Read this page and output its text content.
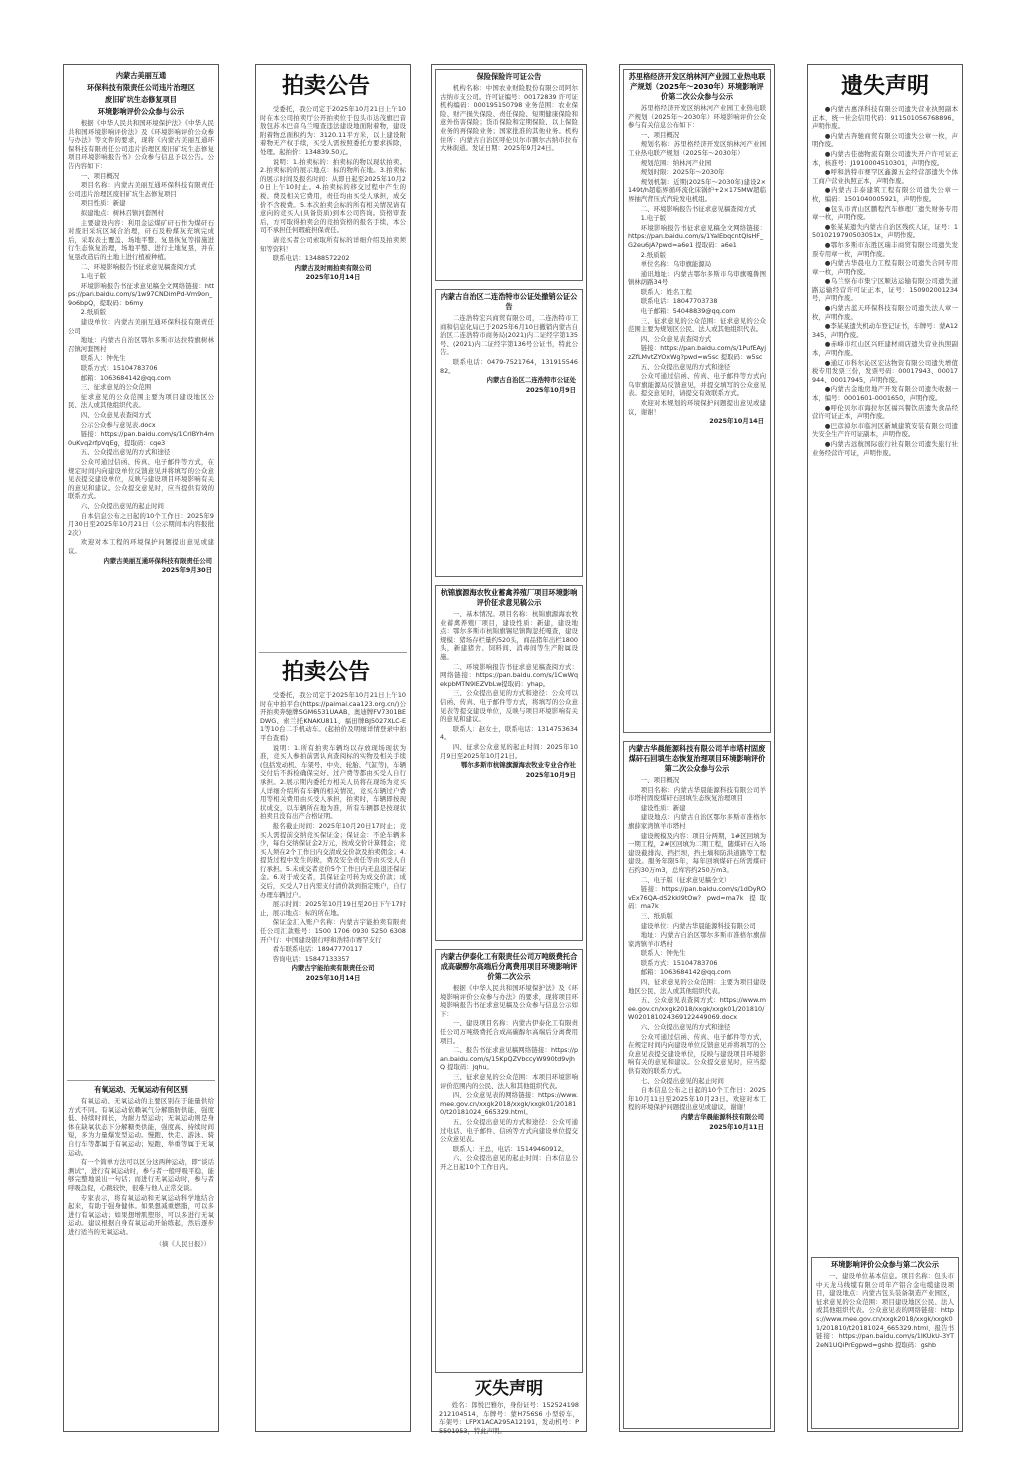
内蒙古美丽互通
环保科技有限责任公司违片治理区
废旧矿坑生态修复项目
环境影响评价公众参与公示
根据《中华人民共和国环境保护法》《中华人民共和国环境影响评价法》及《环境影响评价公众参与办法》等文件的要求，现将《内蒙古美丽互通环保科技有限责任公司违片治理区废旧矿坑生态修复项目环境影响报告书》公众参与信息予以公告。公告内容如下：
一、项目概况
项目名称：内蒙古美丽互通环保科技有限责任公司违片治理区废旧矿坑生态修复项目
项目性质：新建
拟建地点：树林召镇河套图村
主要建设内容：利用金运煤矿矸石作为煤矸石对废旧采坑区域合治理，矸石及粉煤灰充填完成后，采取表土覆盖、场地平整、复垦恢复等措施进行生态恢复治理，场地平整、进行土地复垦，并在复垦改造后的土地上进行植被种植。
二、环境影响报告书征求意见稿查阅方式
1.电子版
环境影响报告书征求意见稿全文网络链接：https://pan.baidu.com/s/1w97CNDimPd-Vm9on_9o6bpQ，提取码：b6my
2.纸质版
建设单位：内蒙古美丽互通环保科技有限责任公司
地址：内蒙古自治区鄂尔多斯市达拉特旗树林召镇河套图村
联系人：钟先生
联系方式：15104783706
邮箱：1063684142@qq.com
三、征求意见的公众范围
征求意见的公众范围主要为项目建设地区公民、法人或其他组织代表。
四、公众意见表查阅方式
公示公众参与意见表.docx
链接：https://pan.baidu.com/s/1CrIBYh4m0uKvq2rfpVqEg，提取码：cqe3
五、公众提出意见的方式和途径
公众可通过信函、传真、电子邮件等方式，在规定时间内向建设单位反馈意见并将填写的公众意见表提交建设单位，反映与建设项目环境影响有关的意见和建议。公众提交意见时，应当提供有效的联系方式。
六、公众提出意见的起止时间
自本信息公布之日起的10个工作日：2025年9月30日至2025年10月21日（公示期间本内容报批2次）
欢迎对本工程的环境保护问题提出意见或建议。
内蒙古美丽互通环保科技有限责任公司
2025年9月30日
有氧运动、无氧运动有何区别
有氧运动、无氧运动的主要区别在于能量供给方式不同。有氧运动依赖氧气分解脂肪供能，强度低、持续时间长，为耐力型运动；无氧运动则是身体在缺氧状态下分解糖类供能，强度高、持续时间短，多为力量爆发型运动。慢跑、快走、游泳、骑自行车等都属于有氧运动；短跑、举重等属于无氧运动。
有一个简单方法可以区分这两种运动，即“谈话测试”，进行有氧运动时，参与者一般呼吸平稳，能够完整地说出一句话；而进行无氧运动时，参与者呼吸急促，心跳较快，很难与他人正常交谈。
专家表示，将有氧运动和无氧运动科学地结合起来，有助于强身健体。如果想减重燃脂，可以多进行有氧运动；如果想增肌塑形，可以多进行无氧运动。建议根据自身有氧运动开始练起，然后逐步进行适当的无氧运动。
（摘《人民日报》）
拍卖公告
受委托，我公司定于2025年10月21日上午10时在本公司拍卖厅公开拍卖位于包头市达茂旗巴音敖包苏木巴音乌兰嘎查违法建设地面附着物，建设附着物总面积约为：3120.11平方米，以上建设附着物无产权手续，买受人需按照委托方要求拆除，处理。起拍价：134839.50元。
说明：1.拍卖标的：拍卖标的物以现状拍卖。2.拍卖标的的展示地点：标的物所在地。3.拍卖标的展示时间及报名时间：从即日起至2025年10月20日上午10时止。4.拍卖标的移交过程中产生的税、费及相关它费用，责任均由买受人承担，成交价不含税费。5.本次拍卖会标的所有相关情况请有意向的竞买人(具备资质)到本公司咨询。资格审查后，方可取得拍卖会的竞拍资格的报名手续，本公司不承担任何瑕疵担保责任。
请竞买者公司索取所有标的详细介绍及拍卖须知等资料！
联系电话：13488572202
内蒙古及时雨拍卖有限公司
2025年10月14日
拍卖公告
受委托，我公司定于2025年10月21日上午10时在中拍平台(https://paimai.caa123.org.cn/)公开拍卖奔驰牌SGM6531UAAB、奥迪牌FV7301BEDWG、索兰托KNAKU811、福田牌BJ5027XLC-E1等10台二手机动车。(起拍价及明细详情登录中拍平台查看)
说明：1.所有拍卖车辆均以存放现场现状为准，竞买人参拍前需认真查阅标的实物及相关手续(包括发动机、车架号、中央、轮胎、气缸等)，车辆交付后不拆检确保完好、过户费等都由买受人自行承担。2.展示期内委托方相关人员将在现场为竞买人详细介绍所有车辆的相关情况，竞买车辆过户费用等相关费用由买受人承担，拍卖时，车辆即按现状成交，以车辆所在地为准，所有车辆都是按现状拍卖且没有出产合格证明。
报名截止时间：2025年10月20日17时止；竞买人需提前交纳竞买保证金；保证金：不论车辆多少，每台交纳保证金2万元，按成交价计算佣金；竞买人须在2个工作日内交清成交价款及拍卖佣金；4.提货过程中发生的税，费及安全责任等由买受人自行承担。5.未成交者竞价5个工作日内无息退还保证金。6.对于成交者，其保证金可转为成交价款；成交后，买受人7日内需支付清价款到指定账户，自行办理车辆过户。
展示时间：2025年10月19日至20日下午17时止，展示地点：标的所在地。
保证金汇入账户名称：内蒙古宇能拍卖有限责任公司汇款账号：1500 1706 0930 5250 6308 开户行：中国建设银行呼和浩特市赛罕支行
看车联系电话：18947770117
咨询电话：15847133357
内蒙古宇能拍卖有限责任公司
2025年10月14日
保险保险许可证公告
机构名称：中国农业财险股份有限公司阿尔古纳市支公司。许可证编号：00172839 许可证机构编码：000195150798 业务范围：农业保险、财产损失保险、责任保险、短期健康保险和意外伤害保险；货币保险和定期保险、以上保险业务的再保险业务；国家批准的其他业务。机构住所：内蒙古自治区呼伦贝尔市额尔古纳市拉布大林街道。发证日期：2025年9月24日。
内蒙古自治区二连浩特市公证处撤销公证公告
二连浩特宏兴商贸有限公司，二连浩特市工商和信息化局已于2025年6月10日撤销内蒙古自治区二连浩特市商务局(2021)内二证经字第135号、(2021)内二证经字第136号公证书，特此公告。
联系电话：0479-7521764，13191554682。
内蒙古自治区二连浩特市公证处
2025年10月9日
杭锦旗源海农牧业蓄禽养殖厂项目环境影响评价征求意见稿公示
一、基本情况。项目名称：杭锦旗源海农牧业蓄禽养殖厂项目，建设性质：新建，建设地点：鄂尔多斯市杭锦旗锡尼镇陶忽托嘎查，建设规模：猪场存栏量约520头，商品猪年出栏1800头，新建猪舍、饲料间、消毒间等生产附属设施。
二、环境影响报告书征求意见稿查阅方式：网络链接：https://pan.baidu.com/s/1CwWqekpbMTN9lEZVbLw提取码：yhap。
三、公众提出意见的方式和途径：公众可以信函、传真、电子邮件等方式，将填写的公众意见表等提交建设单位，反映与项目环境影响有关的意见和建议。
联系人：赵女士，联系电话：13147536344。
四、征求公众意见的起止时间：2025年10月9日至2025年10月21日。
鄂尔多斯市杭锦旗源海农牧业专业合作社
2025年10月9日
内蒙古伊泰化工有限责任公司万吨级费托合成高碳醇尔高端后分离费用项目环境影响评价第二次公示
根据《中华人民共和国环境保护法》及《环境影响评价公众参与办法》的要求，现将项目环境影响报告书征求意见稿及公众参与信息公示如下：
一、建设项目名称：内蒙古伊泰化工有限责任公司万吨级费托合成高碳醇尔高端后分离费用项目。
二、报告书征求意见稿网络链接：https://pan.baidu.com/s/15KpQZVbccyW990td9vjhQ 提取码：jqhu。
三、征求意见的公众范围：本项目环境影响评价范围内的公民、法人和其他组织代表。
四、公众意见表的网络链接：https://www.mee.gov.cn/xxgk2018/xxgk/xxgk01/201810/t20181024_665329.html。
五、公众提出意见的方式和途径：公众可通过电话、电子邮件、信函等方式向建设单位提交公众意见表。
联系人：王总，电话：15149460912。
六、公众提出意见的起止时间：自本信息公开之日起10个工作日内。
灭失声明
姓名：郎悦巴雅尔，身份证号：152524198212104514，车牌号：蒙H756S6 小型轿车，车架号：LFPX1ACA295A12191，发动机号：P5501953，特此声明。
苏里格经济开发区纳林河产业园工业热电联产规划（2025年～2030年）环境影响评价第二次公众参与公示
苏里格经济开发区纳林河产业园工业热电联产规划（2025年～2030年）环境影响评价公众参与有关信息公布如下：
一、项目概况
规划名称：苏里格经济开发区纳林河产业园工业热电联产规划（2025年～2030年）
规划范围：纳林河产业园
规划时限：2025年～2030年
规划机制：近期(2025年～2030年)建设2×149t/h超临界循环流化床锅炉+2×175MW超临界抽汽背压式汽轮发电机组。
二、环境影响报告书征求意见稿查阅方式
1.电子版
环境影响报告书征求意见稿全文网络链接：https://pan.baidu.com/s/1YaIEbqcntQIsHF_G2eu6jA?pwd=a6e1 提取码：a6e1
2.纸质版
单位名称：乌审旗能源局
通讯地址：内蒙古鄂尔多斯市乌审旗嘎鲁图镇林荫路34号
联系人：姓名工程
联系电话：18047703738
电子邮箱：54048839@qq.com
三、征求意见的公众范围：征求意见的公众范围主要为规划区公民、法人或其他组织代表。
四、公众意见表查阅方式
链接：https://pan.baidu.com/s/1PufEAyjzZfLMvtZYOxWg?pwd=w5sc 提取码：w5sc
五、公众提出意见的方式和途径
公众可通过信函、传真、电子邮件等方式向乌审旗能源局反馈意见，并提交填写的公众意见表。提交意见时，请提交有效联系方式。
欢迎对本规划的环境保护问题提出意见或建议，谢谢！
2025年10月14日
内蒙古华晨能源科技有限公司羊市塔村固废煤矸石回填生态恢复治理项目环境影响评价第二次公众参与公示
一、项目概况
项目名称：内蒙古华晨能源科技有限公司羊市塔村固废煤矸石回填生态恢复治理项目
建设性质：新建
建设地点：内蒙古自治区鄂尔多斯市准格尔旗薛家湾镇羊市塔村
建设规模及内容：项目分两期，1#区回填为一期工程，2#区回填为二期工程，随煤矸石入场建设截排沟、挡拦坝，挡土墙和防洪道路等工程建设。服务年限5年，每年回填煤矸石所需煤矸石约30万m3，总库容约250万m3。
二、电子版（征求意见稿全文）
链接：https://pan.baidu.com/s/1dDyRO vEx76QA-dS2kkI9tOw? pwd=ma7k 提取码：ma7k
三、纸质版
建设单位：内蒙古华晨能源科技有限公司
地址：内蒙古自治区鄂尔多斯市准格尔旗薛家湾镇羊市塔村
联系人：钟先生
联系方式：15104783706
邮箱：1063684142@qq.com
四、征求意见的公众范围：主要为项目建设地区公民、法人或其他组织代表。
五、公众意见表查阅方式：https://www.mee.gov.cn/xxgk2018/xxgk/xxgk01/201810/W020181024369122449069.docx
六、公众提出意见的方式和途径
公众可通过信函、传真、电子邮件等方式，在规定时间内向建设单位反馈意见并将填写的公众意见表提交建设单位，反映与建设项目环境影响有关的意见和建议。公众提交意见时，应当提供有效的联系方式。
七、公众提出意见的起止时间
自本信息公布之日起的10个工作日：2025年10月11日至2025年10月23日。欢迎对本工程的环境保护问题提出意见或建议，谢谢！
内蒙古华晨能源科技有限公司
2025年10月11日
遗失声明
●内蒙古惠泽科技有限公司遗失营业执照副本正本，统一社会信用代码：911501056768896。声明作废。
●内蒙古奔驰商贸有限公司遗失公章一枚，声明作废。
●内蒙古佳德物流有限公司遗失开户许可证正本，核准号：J1910004510301，声明作废。
●呼和浩特市赛罕区鑫源五金经营部遗失个体工商户营业执照正本，声明作废。
●内蒙古丰泰建筑工程有限公司遗失公章一枚，编码：1501040005921，声明作废。
●包头市青山区鹏程汽车修理厂遗失财务专用章一枚，声明作废。
●张某某遗失内蒙古自治区残疾人证，证号：15010219790503051x，声明作废。
●鄂尔多斯市东胜区瑞丰商贸有限公司遗失发票专用章一枚，声明作废。
●内蒙古华晨电力工程有限公司遗失合同专用章一枚，声明作废。
●乌兰察布市集宁区顺达运输有限公司遗失道路运输经营许可证正本，证号：150902001234号，声明作废。
●内蒙古蓝天环保科技有限公司遗失法人章一枚，声明作废。
●李某某遗失机动车登记证书，车牌号：蒙A12345，声明作废。
●赤峰市红山区兴旺建材商店遗失营业执照副本，声明作废。
●通辽市科尔沁区宏达物资有限公司遗失增值税专用发票三份，发票号码：00017943、00017944、00017945，声明作废。
●内蒙古金地房地产开发有限公司遗失收据一本，编号：0001601-0001650，声明作废。
●呼伦贝尔市海拉尔区福兴餐饮店遗失食品经营许可证正本，声明作废。
●巴彦淖尔市临河区新城建筑安装有限公司遗失安全生产许可证副本，声明作废。
●内蒙古远航国际旅行社有限公司遗失旅行社业务经营许可证，声明作废。
环境影响评价公众参与第二次公示
一、建设单位基本信息。项目名称：包头市中天龙马线缆有限公司年产铝合金电缆建设项目，建设地点：内蒙古包头装备制造产业园区，征求意见的公众范围：项目建设地区公民、法人或其他组织代表。公众意见表的网络链接：https://www.mee.gov.cn/xxgk2018/xxgk/xxgk01/201810/t20181024_665329.html，报告书链接：https://pan.baidu.com/s/1IKUkU-3YT2eN1UQiPrEgpwd=gshb 提取码：gshb
